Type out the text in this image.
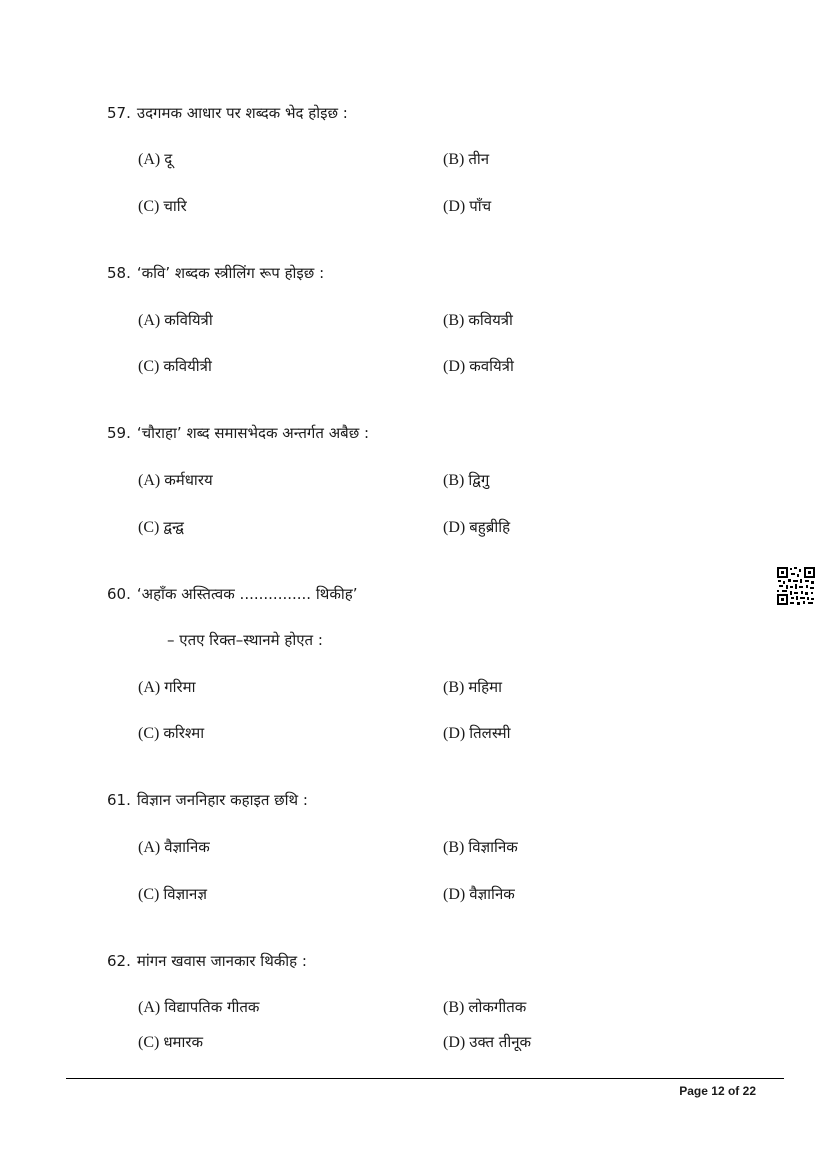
57. उदगमक आधार पर शब्दक भेद होइछ :
(A) दू	(B) तीन
(C) चारि	(D) पाँच
58. ‘कवि’ शब्दक स्त्रीलिंग रूप होइछ :
(A) कवियित्री	(B) कवियत्री
(C) कवियीत्री	(D) कवयित्री
59. ‘चौराहा’ शब्द समासभेदक अन्तर्गत अबैछ :
(A) कर्मधारय	(B) द्विगु
(C) द्वन्द्व	(D) बहुब्रीहि
60. ‘अहाँक अस्तित्वक ............... थिकीह’
– एतए रिक्त–स्थानमे होएत :
(A) गरिमा	(B) महिमा
(C) करिश्मा	(D) तिलस्मी
61. विज्ञान जननिहार कहाइत छथि :
(A) वैज्ञानिक	(B) विज्ञानिक
(C) विज्ञानज्ञ	(D) वैज्ञानिक
62. मांगन खवास जानकार थिकीह :
(A) विद्यापतिक गीतक	(B) लोकगीतक
(C) धमारक	(D) उक्त तीनूक
Page 12 of 22
